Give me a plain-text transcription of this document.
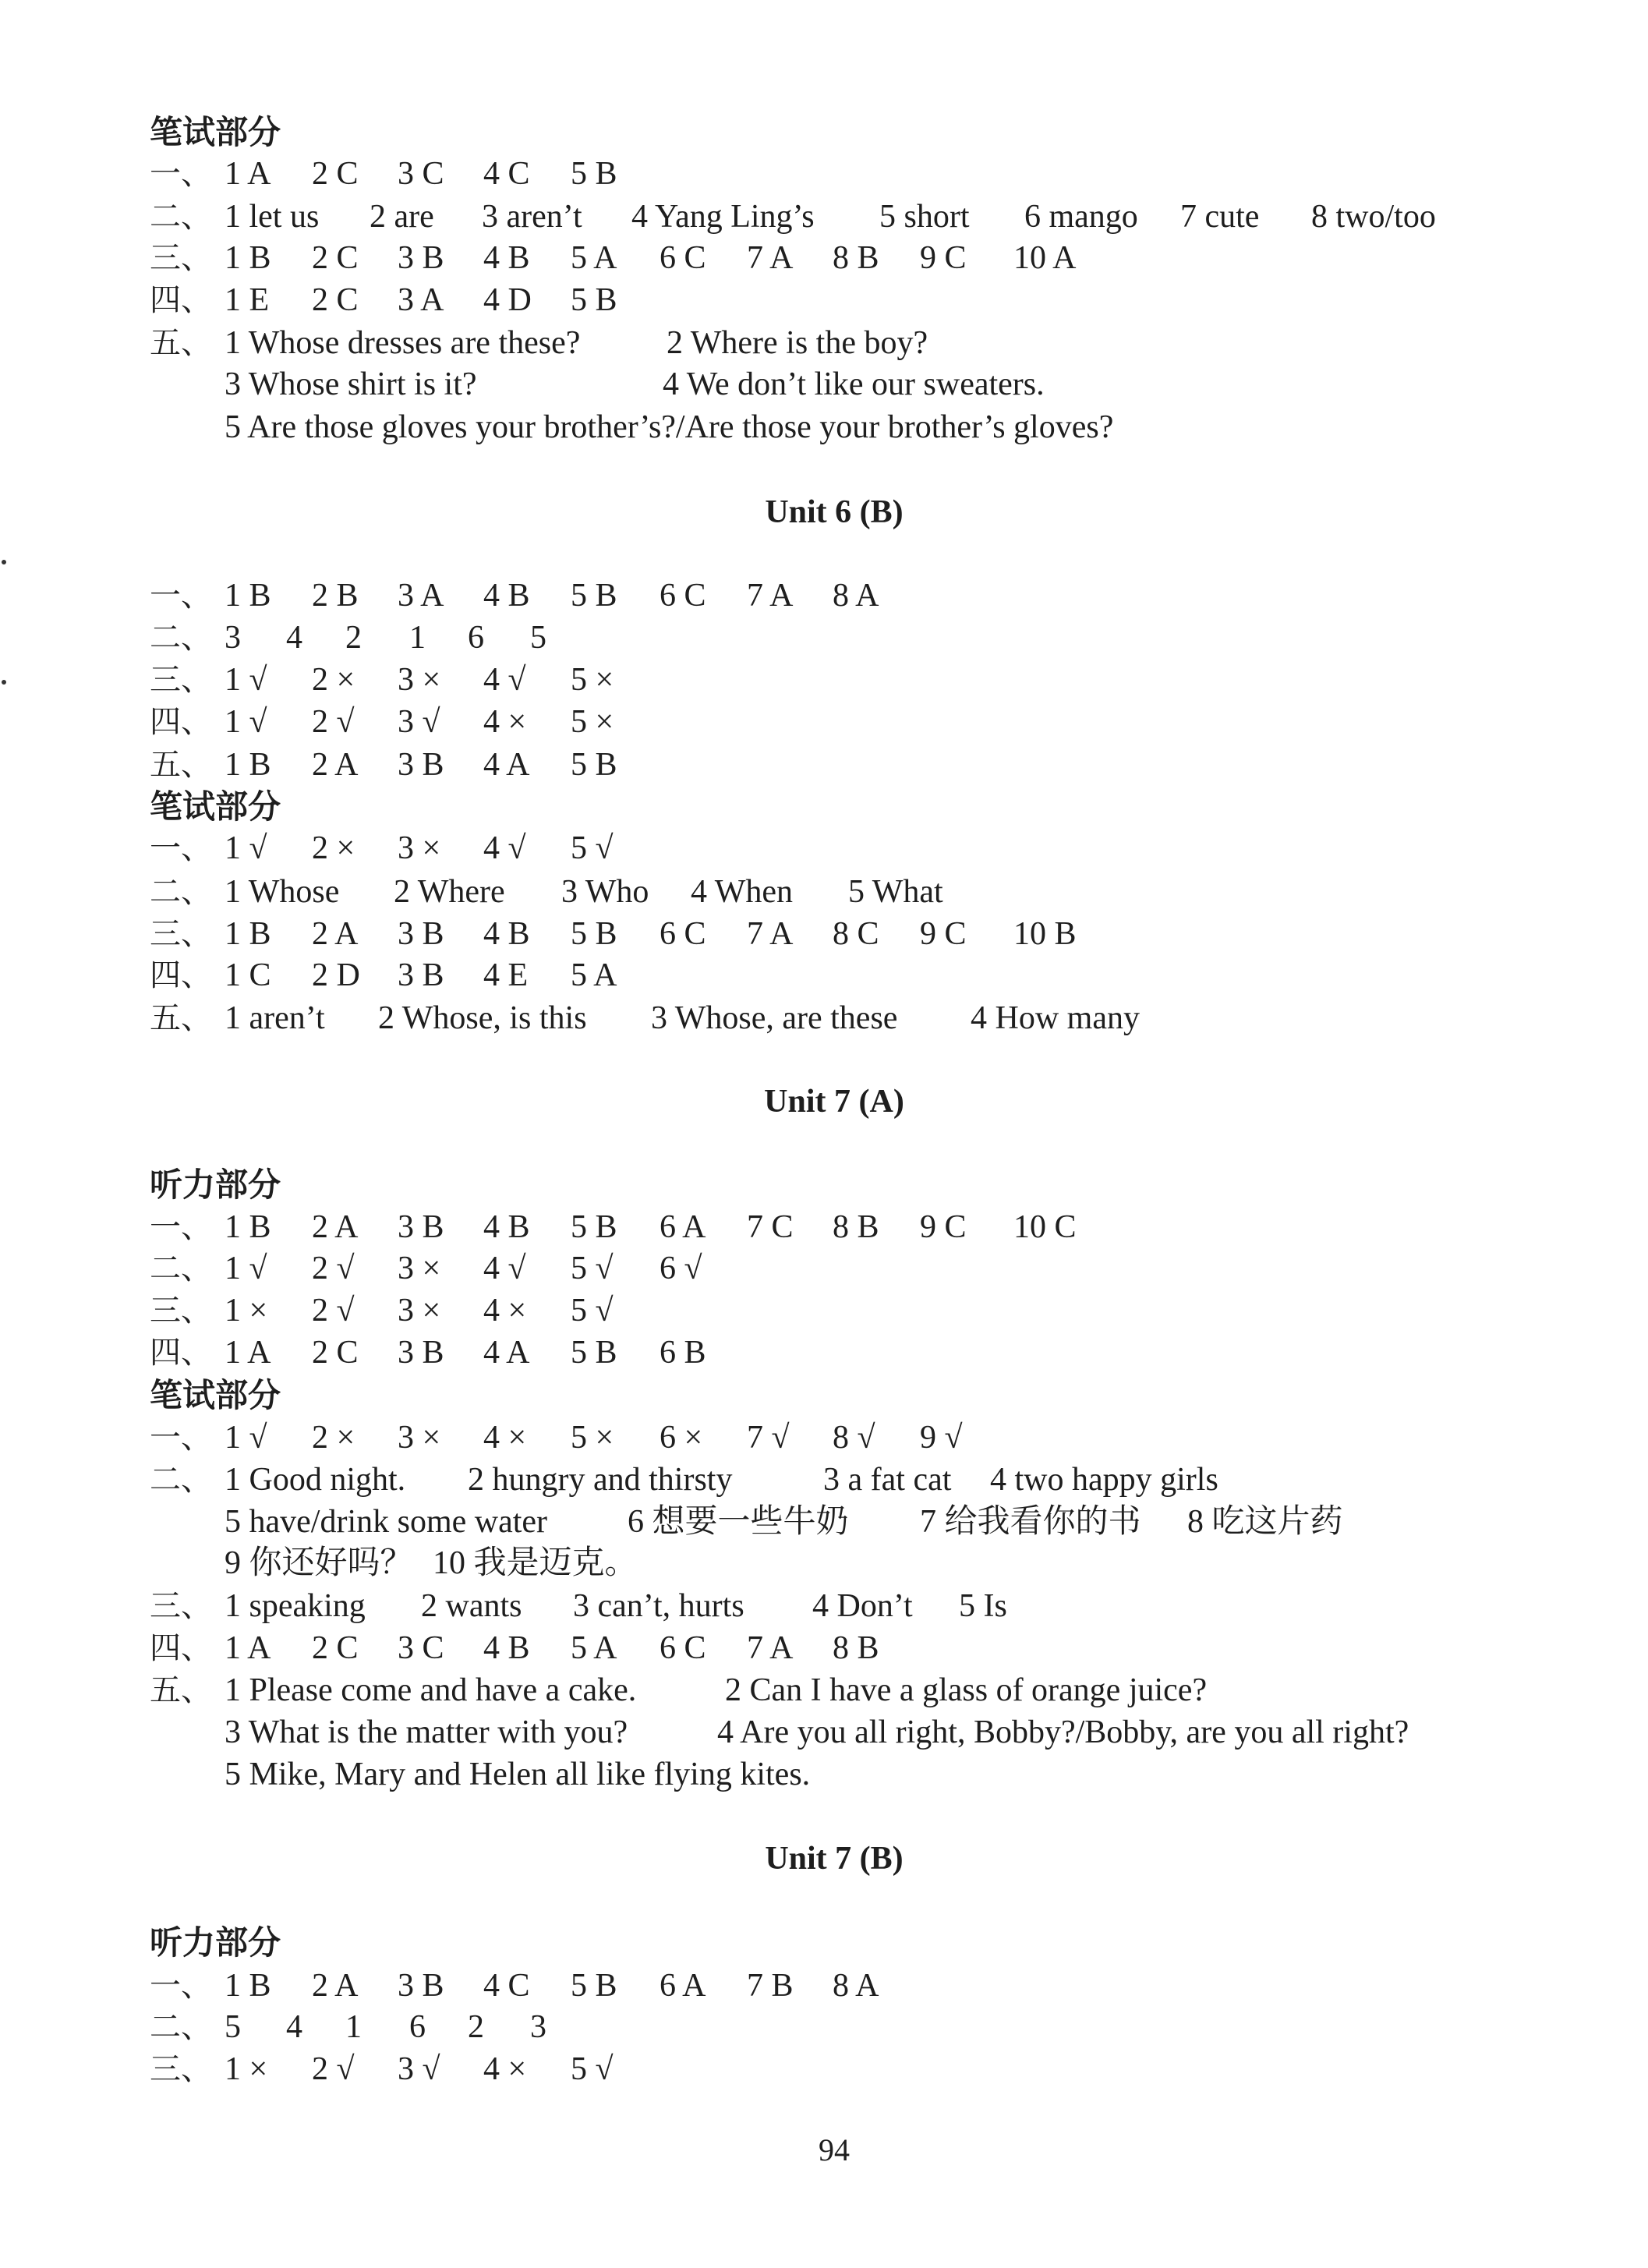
笔试部分
一、 1 A 2 C 3 C 4 C 5 B
二、 1 let us 2 are 3 aren’t 4 Yang Ling’s 5 short 6 mango 7 cute 8 two/too
三、 1 B 2 C 3 B 4 B 5 A 6 C 7 A 8 B 9 C 10 A
四、 1 E 2 C 3 A 4 D 5 B
五、 1 Whose dresses are these?	2 Where is the boy?
3 Whose shirt is it?	4 We don’t like our sweaters.
5 Are those gloves your brother’s?/Are those your brother’s gloves?
Unit 6 (B)
一、 1 B 2 B 3 A 4 B 5 B 6 C 7 A 8 A
二、 3 4 2 1 6 5
三、 1 √ 2 × 3 × 4 √ 5 ×
四、 1 √ 2 √ 3 √ 4 × 5 ×
五、 1 B 2 A 3 B 4 A 5 B
笔试部分
一、 1 √ 2 × 3 × 4 √ 5 √
二、 1 Whose 2 Where 3 Who 4 When 5 What
三、 1 B 2 A 3 B 4 B 5 B 6 C 7 A 8 C 9 C 10 B
四、 1 C 2 D 3 B 4 E 5 A
五、 1 aren’t 2 Whose, is this 3 Whose, are these 4 How many
Unit 7 (A)
听力部分
一、 1 B 2 A 3 B 4 B 5 B 6 A 7 C 8 B 9 C 10 C
二、 1 √ 2 √ 3 × 4 √ 5 √ 6 √
三、 1 × 2 √ 3 × 4 × 5 √
四、 1 A 2 C 3 B 4 A 5 B 6 B
笔试部分
一、 1 √ 2 × 3 × 4 × 5 × 6 × 7 √ 8 √ 9 √
二、 1 Good night. 2 hungry and thirsty	3 a fat cat 4 two happy girls
5 have/drink some water 6 想要一些牛奶 7 给我看你的书 8 吃这片药
9 你还好吗？ 10 我是迈克。
三、 1 speaking 2 wants 3 can’t, hurts 4 Don’t 5 Is
四、 1 A 2 C 3 C 4 B 5 A 6 C 7 A 8 B
五、 1 Please come and have a cake.	2 Can I have a glass of orange juice?
3 What is the matter with you?	4 Are you all right, Bobby?/Bobby, are you all right?
5 Mike, Mary and Helen all like flying kites.
Unit 7 (B)
听力部分
一、 1 B 2 A 3 B 4 C 5 B 6 A 7 B 8 A
二、 5 4 1 6 2 3
三、 1 × 2 √ 3 √ 4 × 5 √
94
